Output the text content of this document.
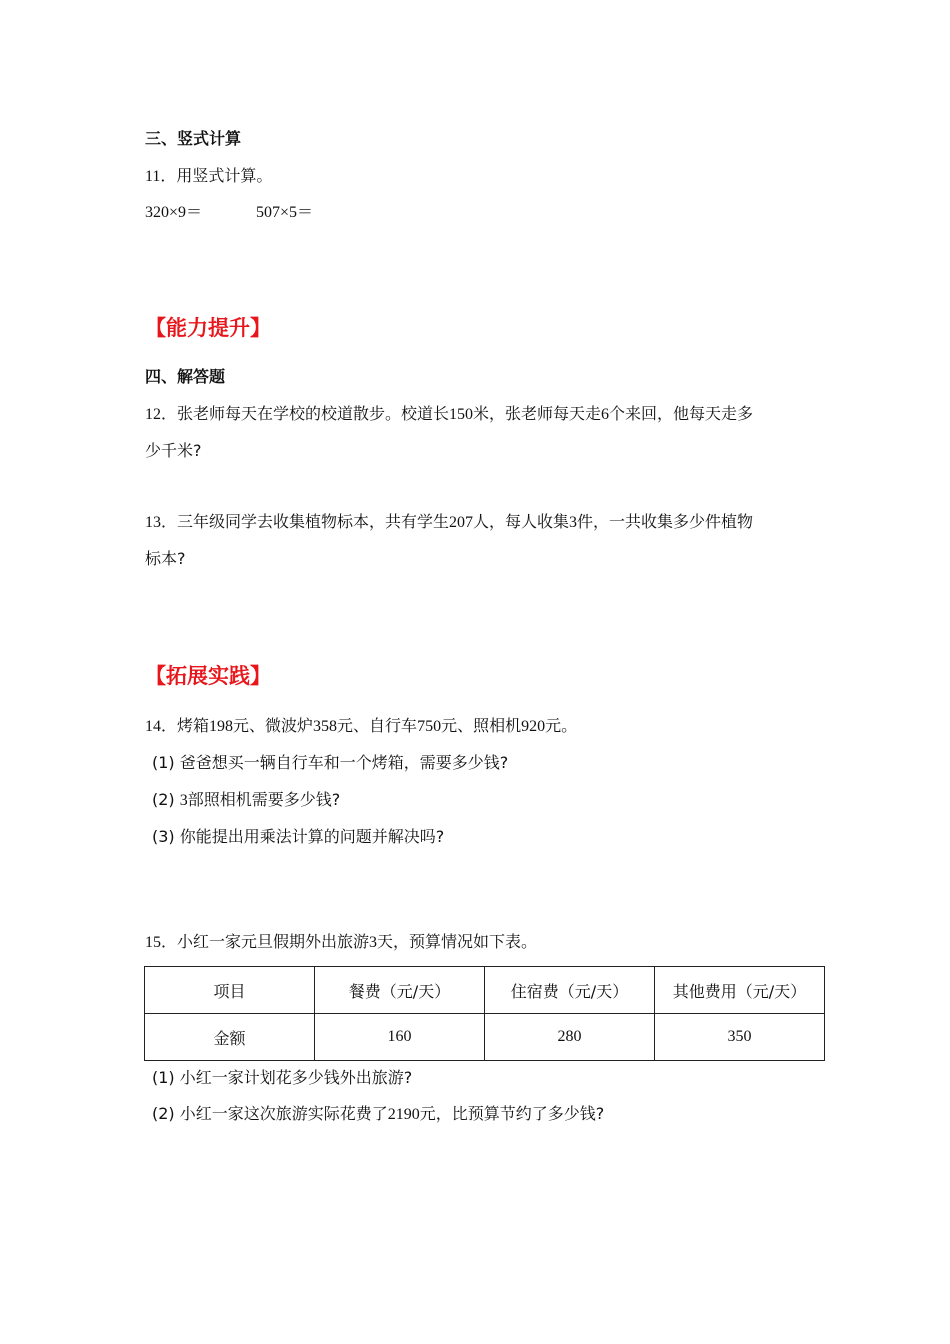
三、竖式计算
11．用竖式计算。
320×9＝	507×5＝
【能力提升】
四、解答题
12．张老师每天在学校的校道散步。校道长150米，张老师每天走6个来回，他每天走多
少千米?
13．三年级同学去收集植物标本，共有学生207人，每人收集3件，一共收集多少件植物
标本?
【拓展实践】
14．烤箱198元、微波炉358元、自行车750元、照相机920元。
(1) 爸爸想买一辆自行车和一个烤箱，需要多少钱?
(2) 3部照相机需要多少钱?
(3) 你能提出用乘法计算的问题并解决吗?
15．小红一家元旦假期外出旅游3天，预算情况如下表。
项目	餐费（元/天）	住宿费（元/天）	其他费用（元/天）
金额	160	280	350
(1) 小红一家计划花多少钱外出旅游?
(2) 小红一家这次旅游实际花费了2190元，比预算节约了多少钱?
